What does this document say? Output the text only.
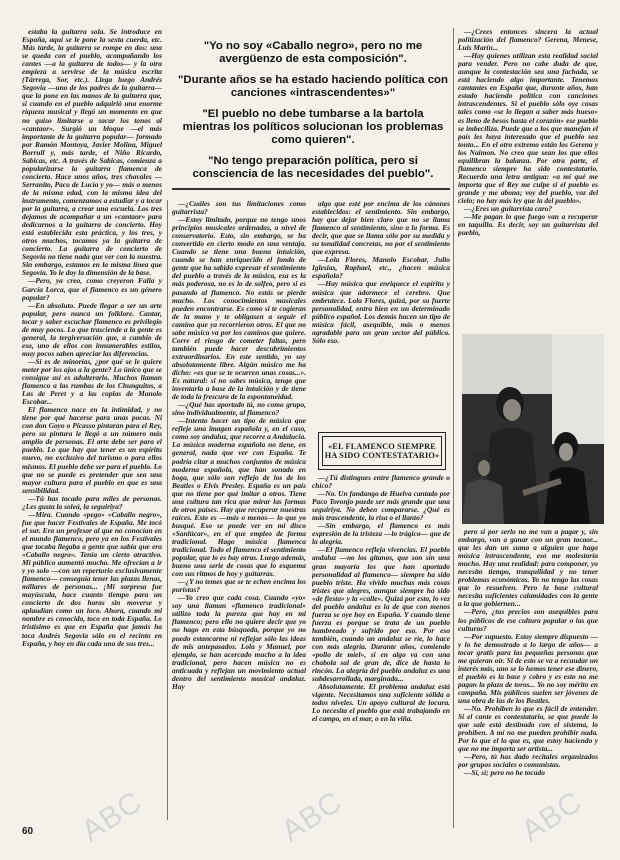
estaba la guitarra sola. Se introduce en España, aquí se le pone la sexta cuerda, etc. Más tarde, la guitarra se rompe en dos: una se queda con el pueblo, acompañando los cantes —a la guitarra de todos— y la otra empieza a servirse de la música escrita (Tárrega, Sor, etc.). Llega luego Andrés Segovia —uno de los padres de la guitarra— que la pone en las manos de la guitarra que, si cuando en el pueblo adquirió una enorme riqueza musical y llegó un momento en que no quiso limitarse a sacar los tonos al «cantaor». Surgió un bloque —el más importante de la guitarra popular— formado por Ramón Montoya, Javier Molina, Miguel Borrull y, más tarde, el Niño Ricardo, Sabicas, etc. A través de Sabicas, comienza a popularizarse la guitarra flamenca de concierto. Hace unos años, tres chavales —Serranito, Paco de Lucía y yo— más o menos de la misma edad, con la misma idea del instrumento, comenzamos a estudiar y a tocar por la guitarra, a crear una escuela. Los tres dejamos de acompañar a un «cantaor» para dedicarnos a la guitarra de concierto. Hoy está establecida esta práctica, y los tres, y otros muchos, tocamos ya la guitarra de concierto. La guitarra de concierto de Segovia no tiene nada que ver con la nuestra. Sin embargo, estamos en la misma línea que Segovia. Yo le doy la dimensión de la base.

—Pero, ya creo, como creyeron Falla y García Lorca, que el flamenco es un género popular?

—En absoluto. Puede llegar a ser un arte popular, pero nunca un folklore. Cantar, tocar y saber escuchar flamenco es privilegio de muy pocos. Lo que trasciende a la gente es general, la tergiversación que, a cambio de eso, uno de ellos con innumerables estilos, muy pocos saben apreciar las diferencias.

—Si es de minorías, ¿por qué se le quiere meter por los ojos a la gente? Lo único que se consigue así es adulterarlo. Muchos llaman flamenco a las rumbas de los Chunguitos, a Las de Peret y a las coplas de Manolo Escobar...

El flamenco nace en la intimidad, y no tiene por qué hacerse para unas pocas. Ni con don Goyo o Picasso pintaran para el Rey, pero su pintura le llegó a un número más amplio de personas. El arte debe ser para el pueblo. Lo que hay que tener es un espíritu nuevo, no exclusivo del turismo o para ellos mismos. El pueblo debe ser para el pueblo. Lo que no se puede es pretender que sea una mayor cultura para el pueblo en que es una sensibilidad.

—Tú has tocado para miles de personas. ¿Les gusta la soleá, la seguiriya?

—Mira. Cuando «pego» «Caballo negro», fue que hacer Festivales de España. Me tocó el sur. Era un profesor al que no conocían en el mundo flamenco, pero ya en los Festivales que tocaba llegaba a gente que sabía que era «Caballo negro». Tenía un cierto atractivo. Mi público aumentó mucho. Me ofrecían a ir y yo solo —con un repertorio exclusivamente flamenco— conseguía tener las plazas llenas, millares de personas... ¡Mi sorpresa fue mayúscula, hace cuanto tiempo para un concierto de dos horas sin moverse y aplaudían como un loco. Ahora, cuando mi nombre es conocido, toco en toda España. Lo tristísimo es que en España que jamás ha toca Andrés Segovia sólo en el recinto en España, y hoy en día cada uno de sus tres...

"Yo no soy «Caballo negro», pero no me avergüenzo de esta composición".
"Durante años se ha estado haciendo política con canciones «intrascendentes»"
"El pueblo no debe tumbarse a la bartola mientras los políticos solucionan los problemas como quieren".
"No tengo preparación política, pero si consciencia de las necesidades del pueblo".

—¿Cuáles son tus limitaciones como guitarrista?

—Estoy limitado, porque no tengo unos principios musicales ordenados, a nivel de conservatorio. Esto, sin embargo, se ha convertido en cierto modo en una ventaja. Cuando se tiene una buena intuición, cuando se han enriquecido el fondo de gente que ha sabido expresar el sentimiento del pueblo a través de la música, esa es la más poderosa, no es lo de solfeo, pero si es pasando al flamenco. No estás se pierde mucho. Los conocimientos musicales pueden encontrarse. Es como si te cogieran de la mano y te obligasen a seguir el camino que ya recorrieron otros. El que no sabe música va por los caminos que quiere. Corre el riesgo de cometer faltas, pero también puede hacer descubrimientos extraordinarios. En este sentido, yo soy absolutamente libre. Algún músico me ha dicho: «es que se te ocurren unas cosas...». Es natural: si no sabes música, tengo que inventarla a base de la intuición y de tiene de toda la frescura de la espontaneidad.

—¿Qué has aportado tú, no como grupo, sino individualmente, al flamenco?

—Intento hacer un tipo de música que refleje una imagen española y, en el caso, como soy andaluz, que recorre a Andalucía. La música moderna española no tiene, en general, nada que ver con España. Te podría citar a muchos conjuntos de música moderna española, que han sonado en boga, que sólo son reflejo de los de los Beatles o Elvis Presley. España es un país que no tiene por qué imitar a otros. Tiene una cultura tan rica que mirar las formas de otros países. Hay que recuperar nuestras raíces. Esto es —más o menos— lo que yo busqué. Eso se puede ver en mi disco «Sanlúcar», en el que empleo de forma tradicional. Hago música flamenca tradicional. Todo el flamenco el sentimiento popular, que lo es hay otras. Luego además, bueno una serie de cosas que lo esquema con sus ritmos de hoy y guitarras.

—¿Y no temes que se te echen encima los puristas?

—Yo creo que cada cosa. Cuando «yo» soy una llaman «flamenco tradicional» utilizo toda la pureza que hay en mi flamenco; pero ello no quiere decir que yo no hago en esta búsqueda, porque yo no puedo estancarme ni reflejar sólo las ideas de mis antepasados. Lola y Manuel, por ejemplo, se han acercado mucho a la idea tradicional, pero hacen música no es anticuada y reflejan un movimiento actual dentro del sentimiento musical andaluz. Hay

algo que esté por encima de los cánones establecidos: el sentimiento. Sin embargo, hay que dejar bien claro que no se llama flamenco al sentimiento, sino a la forma. Es decir, que que se llama sólo por su medida y su tonalidad concretas, no por el sentimiento que expresa.

—Lola Flores, Manolo Escobar, Julio Iglesias, Raphael, etc., ¿hacen música española?

—Hay música que enriquece el espíritu y música que adormece el cerebro. Que embrutece. Lola Flores, quizá, por su fuerte personalidad, entra bien en un determinado público español. Los demás hacen un tipo de música fácil, asequible, más o menos agradable para un gran sector del público. Sólo eso.

«EL FLAMENCO SIEMPRE HA SIDO CONTESTATARIO»

—¿Tú distingues entre flamenco grande o chico?

—No. Un fandango de Huelva cantado por Paco Toronjo puede ser más grande que una seguiriya. No deben compararse. ¿Qué es más trascendente, la risa o el llanto?

—Sin embargo, el flamenco es más expresión de la tristeza —lo trágico— que de la alegría.

—El flamenco refleja vivencias. El pueblo andaluz —no los gitanos, que son sin una gran mayoría los que han aportado personalidad al flamenco— siempre ha sido pueblo triste. Ha vivido muchas más cosas tristes que alegres, aunque siempre ha sido «de fiesta» y la «calle». Quizá por esto, lo vez del pueblo andaluz es la de que con menos fuerza se oye hoy en España. Y cuando tiene fuerza es porque se trata de un pueblo hambreado y sufrido por eso. Por eso también, cuando un andaluz se ríe, lo hace con más alegría. Durante años, comiendo «pollo de miel», si en algo va con una chabola sal de gran de, dice de hasta lo rincón. La alegría del pueblo andaluz es una subdesarrollada, marginada...

Absolutamente. El problema andaluz está vigente. Necesitamos una suficiente sólida a todos niveles. Un apoyo cultural de locura. Lo necesita el pueblo que está trabajando en el campo, en el mar, o en la viña.

—¿Crees entonces sincera la actual politización del flamenco? Gerena, Menese, Luis Marín...

—Hay quienes utilizan esta realidad social para vender. Pero no cabe duda de que, aunque la contestación sea una fachada, se está haciendo algo importante. Tenemos cantantes en España que, durante años, han estado haciendo política con canciones intrascendentes. Si el pueblo sólo oye cosas tales como «se lo llegan a saber más hueso» es lleno de besos hasta el corazón» ese pueblo se imbeciliza. Puede que a los que manejan el país les haya interesado que el pueblo sea tonto... En el otro extremo están los Gerena y los Naimon. No creo que sean los que ellos equilibran la balanza. Por otra parte, el flamenco siempre ha sido contestatario. Recuerdo una letra antigua: «a mí qué me importa que el Rey me culpe si el pueblo es grande y me abona; voy del pueblo, voz del cielo; no hay más ley que la del pueblo».

—¿Eres un guitarrista caro?

—Me pagan lo que fuego van a recuperar en taquilla. Es decir, soy un guitarrista del pueblo,

pero si por serlo no me van a pagar y, sin embargo, van a ganar con un gran tocaor... que les dan un suma a alguien que haga música intrascendente, eso me molestaría mucho. Hay una realidad: para componer, yo necesito tiempo, tranquilidad y no tener problemas económicos. Yo no tengo las cosas que lo resuelven. Pero la base cultural necesita suficientes calamidades con la gente a la que gobiernen...

—Pero, ¿tus precios son asequibles para los públicos de ese cultura popular o las que culturas?

—Por supuesto. Estoy siempre dispuesto —y lo he demostrado a lo largo de años— a tocar gratis para las pequeñas personas que me quieran oír. Si de esto se va a recaudar un interés más, uno se lo hemos tener ese dinero, el pueblo es la base y cobro y es esto no me pagan la plaza de toros... Yo no soy mérito en campaña. Mis públicos suelen ser jóvenes de una obra de las de los Beatles.

—No. Prohiben lo que es fácil de entender. Si el cante es contestatario, se que puede lo que sale está destinado con el sistema, lo prohíben. A mí no me pueden prohibir nada. Por lo que el lo que es, que estoy haciendo y que no me importa ser artista...

—Pero, tú has dado recitales organizados por grupos sociales o comunistas.

—Sí, sí; pero no he tocado

60 ABC	ABC	ABC
